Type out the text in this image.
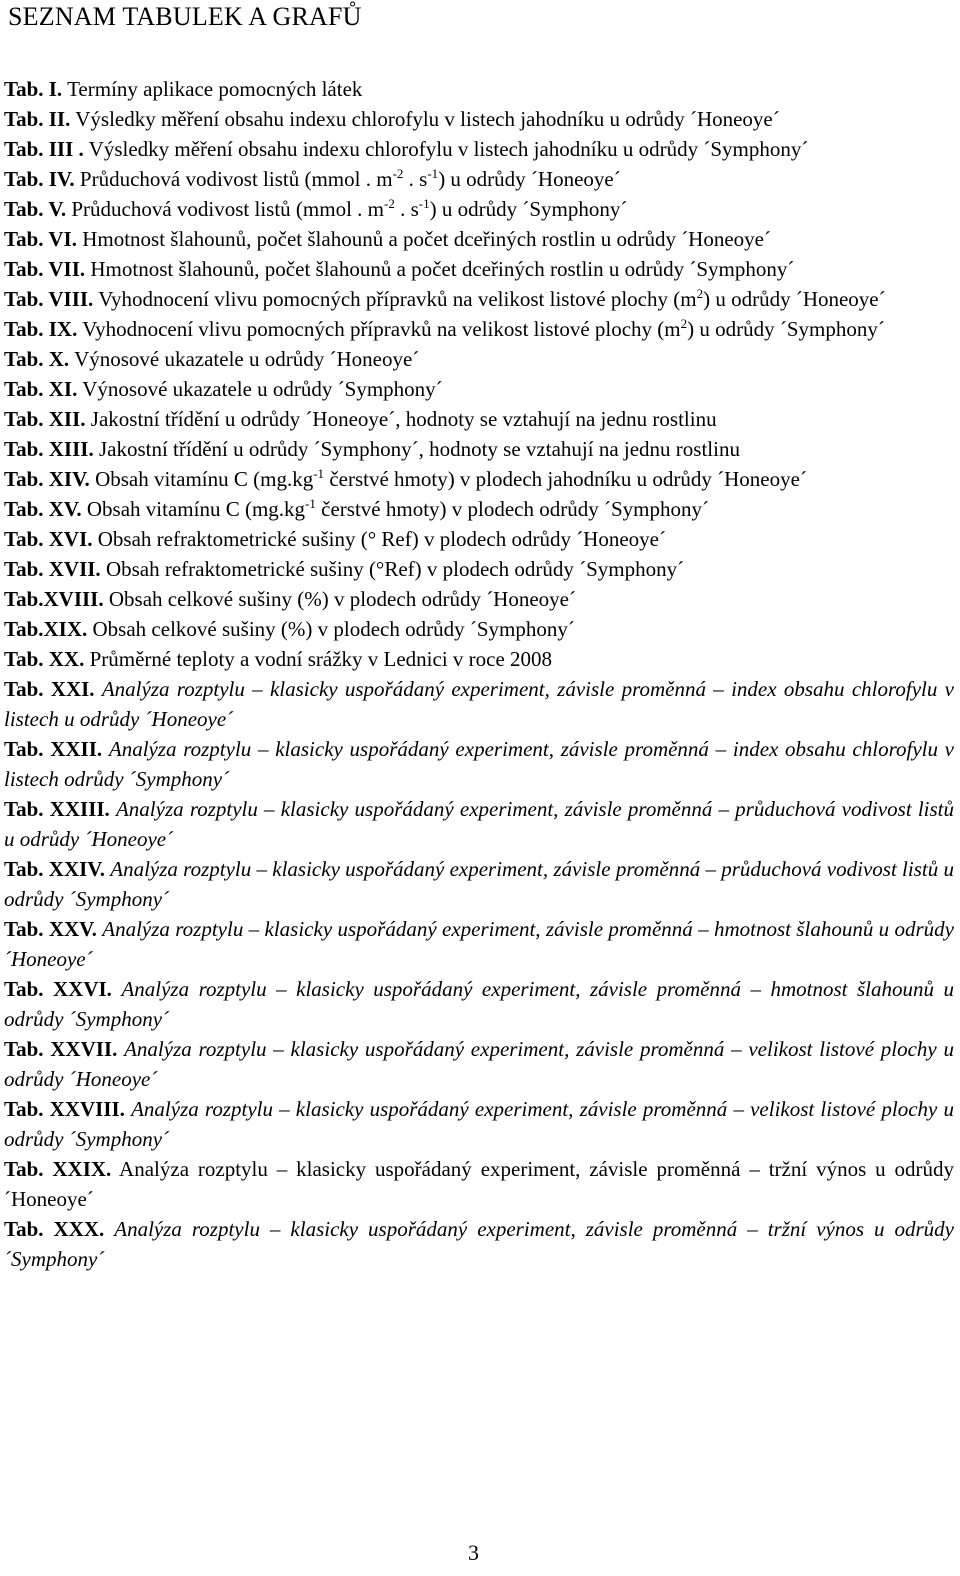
SEZNAM TABULEK A GRAFŮ
Tab. I. Termíny aplikace pomocných látek
Tab. II. Výsledky měření obsahu indexu chlorofylu v listech jahodníku u odrůdy ´Honeoye´
Tab. III . Výsledky měření obsahu indexu chlorofylu v listech jahodníku u odrůdy ´Symphony´
Tab. IV. Průduchová vodivost listů (mmol . $m^{-2}$ . $s^{-1}$) u odrůdy ´Honeoye´
Tab. V. Průduchová vodivost listů (mmol . $m^{-2}$ . $s^{-1}$) u odrůdy ´Symphony´
Tab. VI. Hmotnost šlahounů, počet šlahounů a počet dceřiných rostlin u odrůdy ´Honeoye´
Tab. VII. Hmotnost šlahounů, počet šlahounů a počet dceřiných rostlin u odrůdy ´Symphony´
Tab. VIII. Vyhodnocení vlivu pomocných přípravků na velikost listové plochy $(m^2)$ u odrůdy ´Honeoye´
Tab. IX. Vyhodnocení vlivu pomocných přípravků na velikost listové plochy $(m^2)$ u odrůdy ´Symphony´
Tab. X. Výnosové ukazatele u odrůdy ´Honeoye´
Tab. XI. Výnosové ukazatele u odrůdy ´Symphony´
Tab. XII. Jakostní třídění u odrůdy ´Honeoye´, hodnoty se vztahují na jednu rostlinu
Tab. XIII. Jakostní třídění u odrůdy ´Symphony´, hodnoty se vztahují na jednu rostlinu
Tab. XIV. Obsah vitamínu C ($mg.kg^{-1}$ čerstvé hmoty) v plodech jahodníku u odrůdy ´Honeoye´
Tab. XV. Obsah vitamínu C ($mg.kg^{-1}$ čerstvé hmoty) v plodech odrůdy ´Symphony´
Tab. XVI. Obsah refraktometrické sušiny (° Ref) v plodech odrůdy ´Honeoye´
Tab. XVII. Obsah refraktometrické sušiny (°Ref) v plodech odrůdy ´Symphony´
Tab.XVIII. Obsah celkové sušiny (%) v plodech odrůdy ´Honeoye´
Tab.XIX. Obsah celkové sušiny (%) v plodech odrůdy ´Symphony´
Tab. XX. Průměrné teploty a vodní srážky v Lednici v roce 2008
Tab. XXI. Analýza rozptylu – klasicky uspořádaný experiment, závisle proměnná – index obsahu chlorofylu v listech u odrůdy ´Honeoye´
Tab. XXII. Analýza rozptylu – klasicky uspořádaný experiment, závisle proměnná – index obsahu chlorofylu v listech odrůdy ´Symphony´
Tab. XXIII. Analýza rozptylu – klasicky uspořádaný experiment, závisle proměnná – průduchová vodivost listů u odrůdy ´Honeoye´
Tab. XXIV. Analýza rozptylu – klasicky uspořádaný experiment, závisle proměnná – průduchová vodivost listů u odrůdy ´Symphony´
Tab. XXV. Analýza rozptylu – klasicky uspořádaný experiment, závisle proměnná – hmotnost šlahounů u odrůdy ´Honeoye´
Tab. XXVI. Analýza rozptylu – klasicky uspořádaný experiment, závisle proměnná – hmotnost šlahounů u odrůdy ´Symphony´
Tab. XXVII. Analýza rozptylu – klasicky uspořádaný experiment, závisle proměnná – velikost listové plochy u odrůdy ´Honeoye´
Tab. XXVIII. Analýza rozptylu – klasicky uspořádaný experiment, závisle proměnná – velikost listové plochy u odrůdy ´Symphony´
Tab. XXIX. Analýza rozptylu – klasicky uspořádaný experiment, závisle proměnná – tržní výnos u odrůdy ´Honeoye´
Tab. XXX. Analýza rozptylu – klasicky uspořádaný experiment, závisle proměnná – tržní výnos u odrůdy ´Symphony´
3
